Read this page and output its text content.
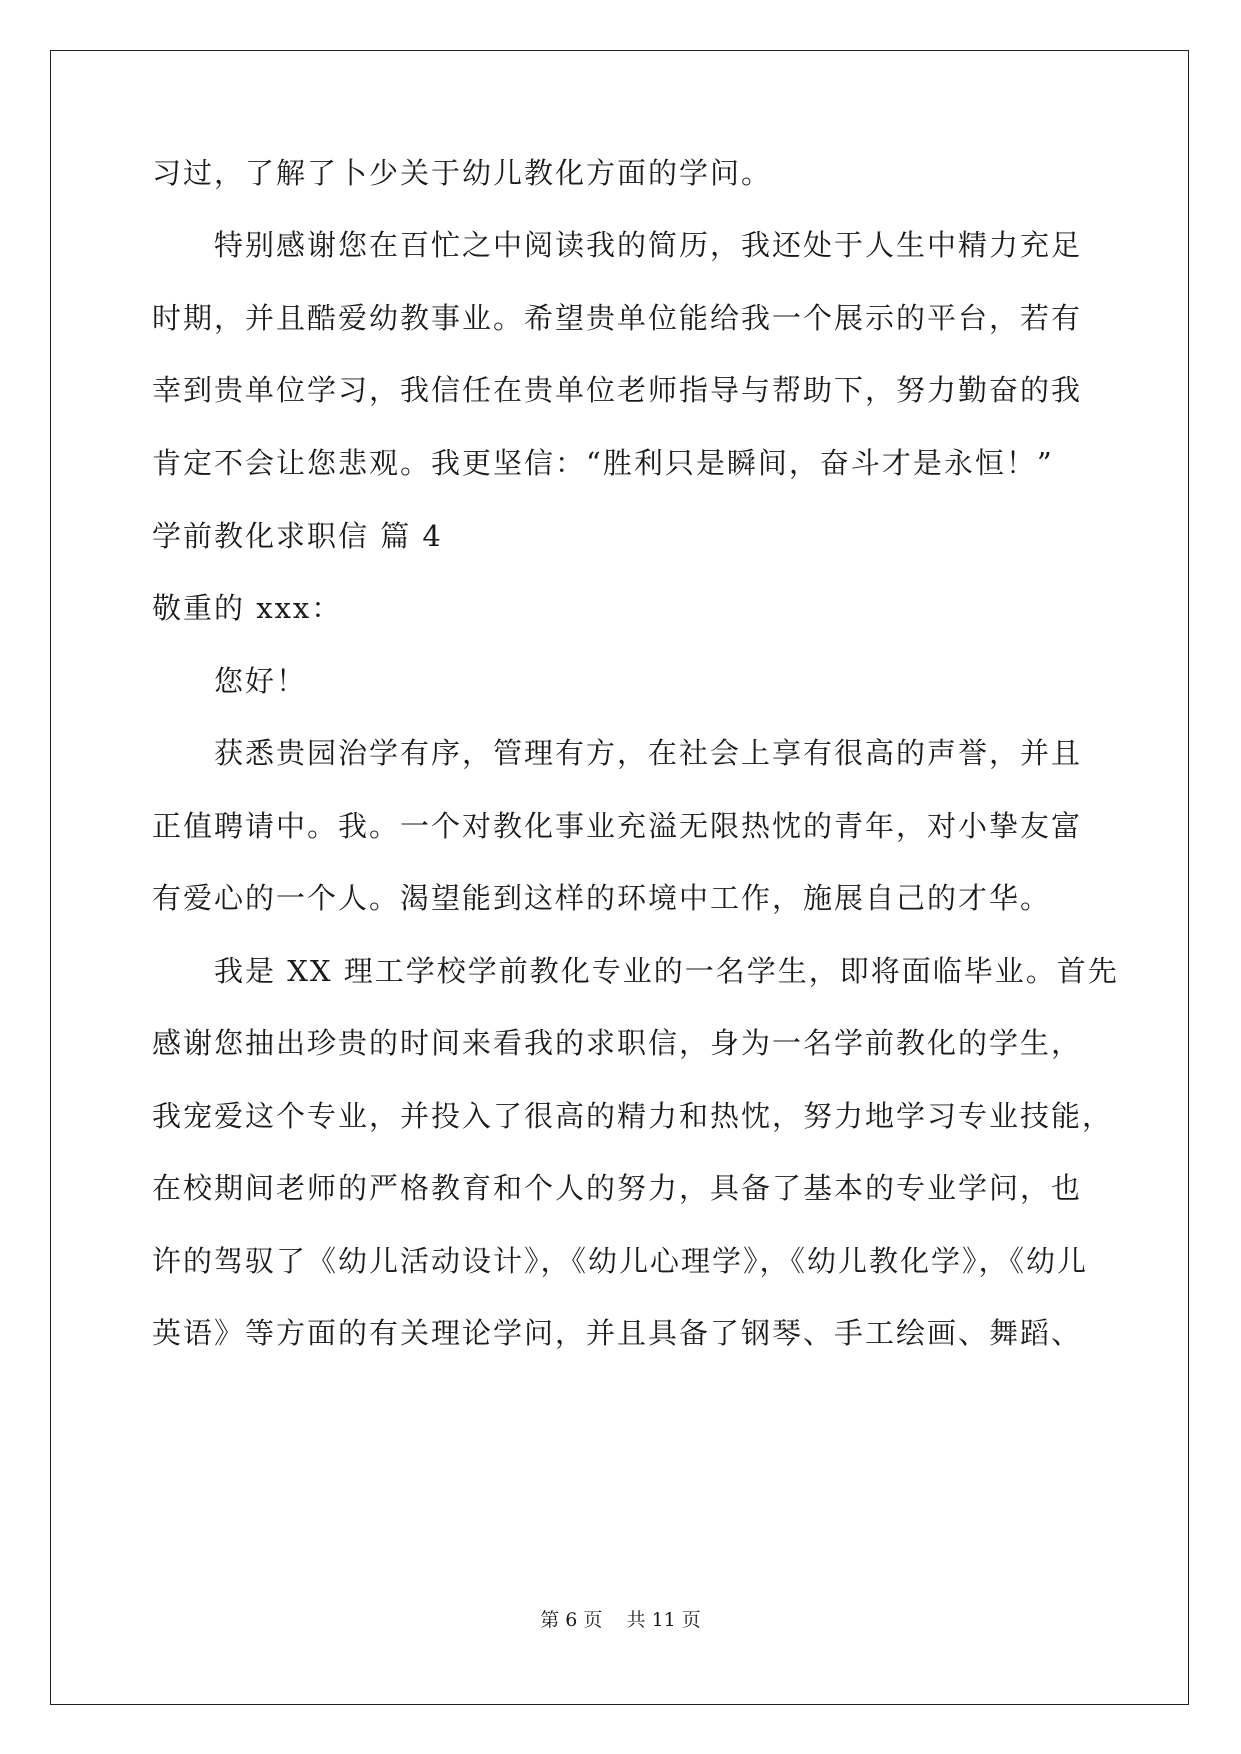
习过，了解了卜少关于幼儿教化方面的学问。
特别感谢您在百忙之中阅读我的简历，我还处于人生中精力充足
时期，并且酷爱幼教事业。希望贵单位能给我一个展示的平台，若有
幸到贵单位学习，我信任在贵单位老师指导与帮助下，努力勤奋的我
肯定不会让您悲观。我更坚信：“胜利只是瞬间，奋斗才是永恒！”
学前教化求职信 篇 4
敬重的 xxx：
您好！
获悉贵园治学有序，管理有方，在社会上享有很高的声誉，并且
正值聘请中。我。一个对教化事业充溢无限热忱的青年，对小挚友富
有爱心的一个人。渴望能到这样的环境中工作，施展自己的才华。
我是 XX 理工学校学前教化专业的一名学生，即将面临毕业。首先
感谢您抽出珍贵的时间来看我的求职信，身为一名学前教化的学生，
我宠爱这个专业，并投入了很高的精力和热忱，努力地学习专业技能，
在校期间老师的严格教育和个人的努力，具备了基本的专业学问，也
许的驾驭了《幼儿活动设计》，《幼儿心理学》，《幼儿教化学》，《幼儿
英语》等方面的有关理论学问，并且具备了钢琴、手工绘画、舞蹈、
第 6 页    共 11 页
